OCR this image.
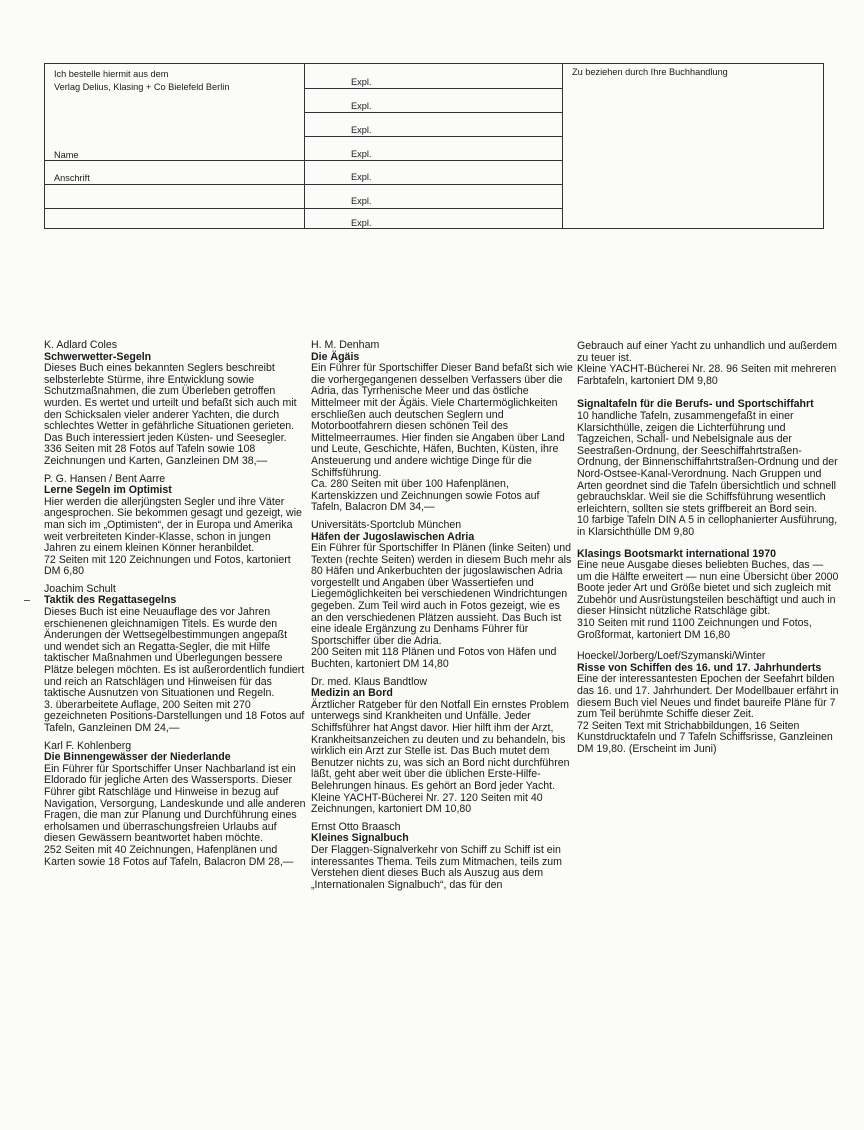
Ich bestelle hiermit aus dem
Verlag Delius, Klasing + Co Bielefeld Berlin
Name
Anschrift
Expl.
Expl.
Expl.
Expl.
Expl.
Expl.
Expl.
Zu beziehen durch Ihre Buchhandlung
K. Adlard Coles
Schwerwetter-Segeln
Dieses Buch eines bekannten Seglers beschreibt selbsterlebte Stürme, ihre Entwicklung sowie Schutzmaßnahmen, die zum Überleben getroffen wurden. Es wertet und urteilt und befaßt sich auch mit den Schicksalen vieler anderer Yachten, die durch schlechtes Wetter in gefährliche Situationen gerieten. Das Buch interessiert jeden Küsten- und Seesegler.
336 Seiten mit 28 Fotos auf Tafeln sowie 108 Zeichnungen und Karten, Ganzleinen DM 38,—
P. G. Hansen / Bent Aarre
Lerne Segeln im Optimist
Hier werden die allerjüngsten Segler und ihre Väter angesprochen. Sie bekommen gesagt und gezeigt, wie man sich im „Optimisten“, der in Europa und Amerika weit verbreiteten Kinder-Klasse, schon in jungen Jahren zu einem kleinen Könner heranbildet.
72 Seiten mit 120 Zeichnungen und Fotos, kartoniert DM 6,80
Joachim Schult
Taktik des Regattasegelns
Dieses Buch ist eine Neuauflage des vor Jahren erschienenen gleichnamigen Titels. Es wurde den Änderungen der Wettsegelbestimmungen angepaßt und wendet sich an Regatta-Segler, die mit Hilfe taktischer Maßnahmen und Überlegungen bessere Plätze belegen möchten. Es ist außerordentlich fundiert und reich an Ratschlägen und Hinweisen für das taktische Ausnutzen von Situationen und Regeln.
3. überarbeitete Auflage, 200 Seiten mit 270 gezeichneten Positions-Darstellungen und 18 Fotos auf Tafeln, Ganzleinen DM 24,—
Karl F. Kohlenberg
Die Binnengewässer der Niederlande
Ein Führer für Sportschiffer Unser Nachbarland ist ein Eldorado für jegliche Arten des Wassersports. Dieser Führer gibt Ratschläge und Hinweise in bezug auf Navigation, Versorgung, Landeskunde und alle anderen Fragen, die man zur Planung und Durchführung eines erholsamen und überraschungsfreien Urlaubs auf diesen Gewässern beantwortet haben möchte.
252 Seiten mit 40 Zeichnungen, Hafenplänen und Karten sowie 18 Fotos auf Tafeln, Balacron DM 28,—
H. M. Denham
Die Ägäis
Ein Führer für Sportschiffer Dieser Band befaßt sich wie die vorhergegangenen desselben Verfassers über die Adria, das Tyrrhenische Meer und das östliche Mittelmeer mit der Ägäis. Viele Chartermöglichkeiten erschließen auch deutschen Seglern und Motorbootfahrern diesen schönen Teil des Mittelmeerraumes. Hier finden sie Angaben über Land und Leute, Geschichte, Häfen, Buchten, Küsten, ihre Ansteuerung und andere wichtige Dinge für die Schiffsführung.
Ca. 280 Seiten mit über 100 Hafenplänen, Kartenskizzen und Zeichnungen sowie Fotos auf Tafeln, Balacron DM 34,—
Universitäts-Sportclub München
Häfen der Jugoslawischen Adria
Ein Führer für Sportschiffer In Plänen (linke Seiten) und Texten (rechte Seiten) werden in diesem Buch mehr als 80 Häfen und Ankerbuchten der jugoslawischen Adria vorgestellt und Angaben über Wassertiefen und Liegemöglichkeiten bei verschiedenen Windrichtungen gegeben. Zum Teil wird auch in Fotos gezeigt, wie es an den verschiedenen Plätzen aussieht. Das Buch ist eine ideale Ergänzung zu Denhams Führer für Sportschiffer über die Adria.
200 Seiten mit 118 Plänen und Fotos von Häfen und Buchten, kartoniert DM 14,80
Dr. med. Klaus Bandtlow
Medizin an Bord
Ärztlicher Ratgeber für den Notfall Ein ernstes Problem unterwegs sind Krankheiten und Unfälle. Jeder Schiffsführer hat Angst davor. Hier hilft ihm der Arzt, Krankheitsanzeichen zu deuten und zu behandeln, bis wirklich ein Arzt zur Stelle ist. Das Buch mutet dem Benutzer nichts zu, was sich an Bord nicht durchführen läßt, geht aber weit über die üblichen Erste-Hilfe-Belehrungen hinaus. Es gehört an Bord jeder Yacht.
Kleine YACHT-Bücherei Nr. 27. 120 Seiten mit 40 Zeichnungen, kartoniert DM 10,80
Ernst Otto Braasch
Kleines Signalbuch
Der Flaggen-Signalverkehr von Schiff zu Schiff ist ein interessantes Thema. Teils zum Mitmachen, teils zum Verstehen dient dieses Buch als Auszug aus dem „Internationalen Signalbuch“, das für den
Gebrauch auf einer Yacht zu unhandlich und außerdem zu teuer ist.
Kleine YACHT-Bücherei Nr. 28. 96 Seiten mit mehreren Farbtafeln, kartoniert DM 9,80
Signaltafeln für die Berufs- und Sportschiffahrt
10 handliche Tafeln, zusammengefaßt in einer Klarsichthülle, zeigen die Lichterführung und Tagzeichen, Schall- und Nebelsignale aus der Seestraßen-Ordnung, der Seeschiffahrtstraßen-Ordnung, der Binnenschiffahrtstraßen-Ordnung und der Nord-Ostsee-Kanal-Verordnung. Nach Gruppen und Arten geordnet sind die Tafeln übersichtlich und schnell gebrauchsklar. Weil sie die Schiffsführung wesentlich erleichtern, sollten sie stets griffbereit an Bord sein.
10 farbige Tafeln DIN A 5 in cellophanierter Ausführung, in Klarsichthülle DM 9,80
Klasings Bootsmarkt international 1970
Eine neue Ausgabe dieses beliebten Buches, das — um die Hälfte erweitert — nun eine Übersicht über 2000 Boote jeder Art und Größe bietet und sich zugleich mit Zubehör und Ausrüstungsteilen beschäftigt und auch in dieser Hinsicht nützliche Ratschläge gibt.
310 Seiten mit rund 1100 Zeichnungen und Fotos, Großformat, kartoniert DM 16,80
Hoeckel/Jorberg/Loef/Szymanski/Winter
Risse von Schiffen des 16. und 17. Jahrhunderts
Eine der interessantesten Epochen der Seefahrt bilden das 16. und 17. Jahrhundert. Der Modellbauer erfährt in diesem Buch viel Neues und findet baureife Pläne für 7 zum Teil berühmte Schiffe dieser Zeit.
72 Seiten Text mit Strichabbildungen, 16 Seiten Kunstdrucktafeln und 7 Tafeln Schiffsrisse, Ganzleinen DM 19,80. (Erscheint im Juni)
